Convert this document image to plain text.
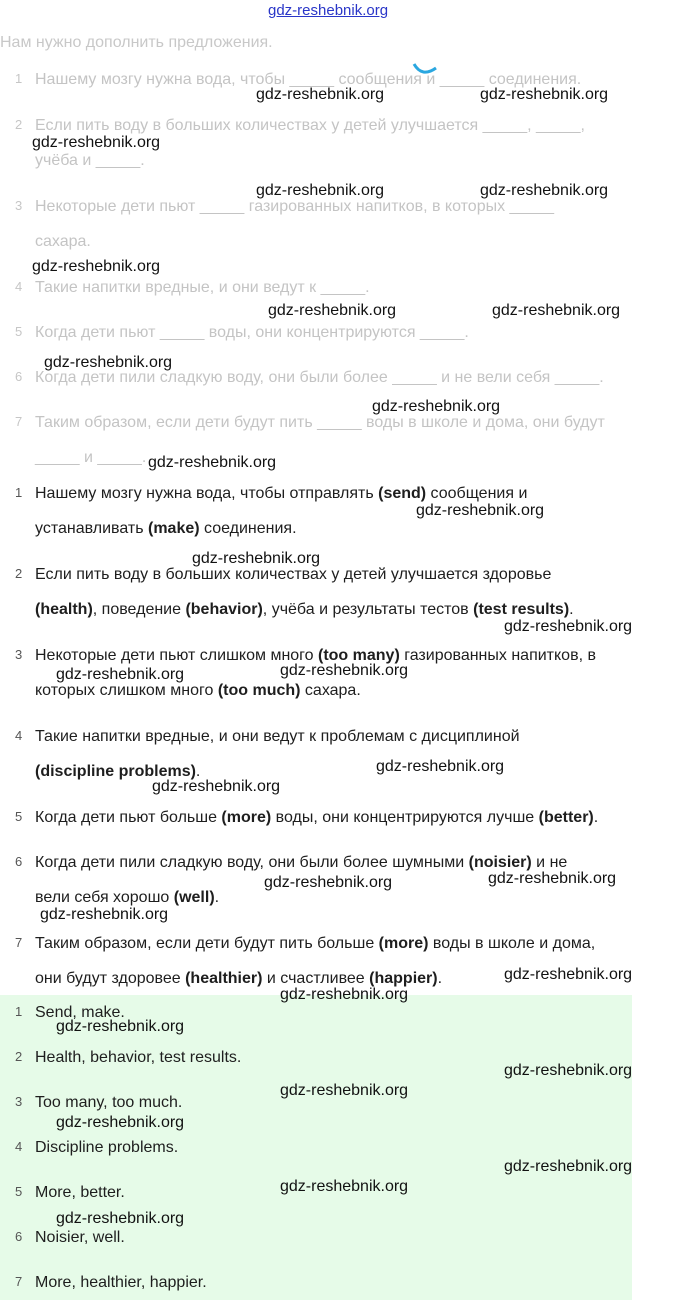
gdz-reshebnik.org
Нам нужно дополнить предложения.
1 Нашему мозгу нужна вода, чтобы _____ сообщения и _____ соединения.
2 Если пить воду в больших количествах у детей улучшается _____, _____,
учёба и _____.
3 Некоторые дети пьют _____ газированных напитков, в которых _____
сахара.
4 Такие напитки вредные, и они ведут к _____.
5 Когда дети пьют _____ воды, они концентрируются _____.
6 Когда дети пили сладкую воду, они были более _____ и не вели себя _____.
7 Таким образом, если дети будут пить _____ воды в школе и дома, они будут
_____ и _____.
1 Нашему мозгу нужна вода, чтобы отправлять (send) сообщения и
устанавливать (make) соединения.
2 Если пить воду в больших количествах у детей улучшается здоровье
(health), поведение (behavior), учёба и результаты тестов (test results).
3 Некоторые дети пьют слишком много (too many) газированных напитков, в
которых слишком много (too much) сахара.
4 Такие напитки вредные, и они ведут к проблемам с дисциплиной
(discipline problems).
5 Когда дети пьют больше (more) воды, они концентрируются лучше (better).
6 Когда дети пили сладкую воду, они были более шумными (noisier) и не
вели себя хорошо (well).
7 Таким образом, если дети будут пить больше (more) воды в школе и дома,
они будут здоровее (healthier) и счастливее (happier).
1 Send, make.
2 Health, behavior, test results.
3 Too many, too much.
4 Discipline problems.
5 More, better.
6 Noisier, well.
7 More, healthier, happier.
gdz-reshebnik.org	gdz-reshebnik.org
gdz-reshebnik.org
gdz-reshebnik.org	gdz-reshebnik.org
gdz-reshebnik.org
gdz-reshebnik.org	gdz-reshebnik.org
gdz-reshebnik.org
gdz-reshebnik.org
gdz-reshebnik.org
gdz-reshebnik.org
gdz-reshebnik.org
gdz-reshebnik.org
gdz-reshebnik.org	gdz-reshebnik.org
gdz-reshebnik.org
gdz-reshebnik.org
gdz-reshebnik.org	gdz-reshebnik.org
gdz-reshebnik.org
gdz-reshebnik.org
gdz-reshebnik.org
gdz-reshebnik.org
gdz-reshebnik.org
gdz-reshebnik.org
gdz-reshebnik.org
gdz-reshebnik.org
gdz-reshebnik.org
gdz-reshebnik.org
